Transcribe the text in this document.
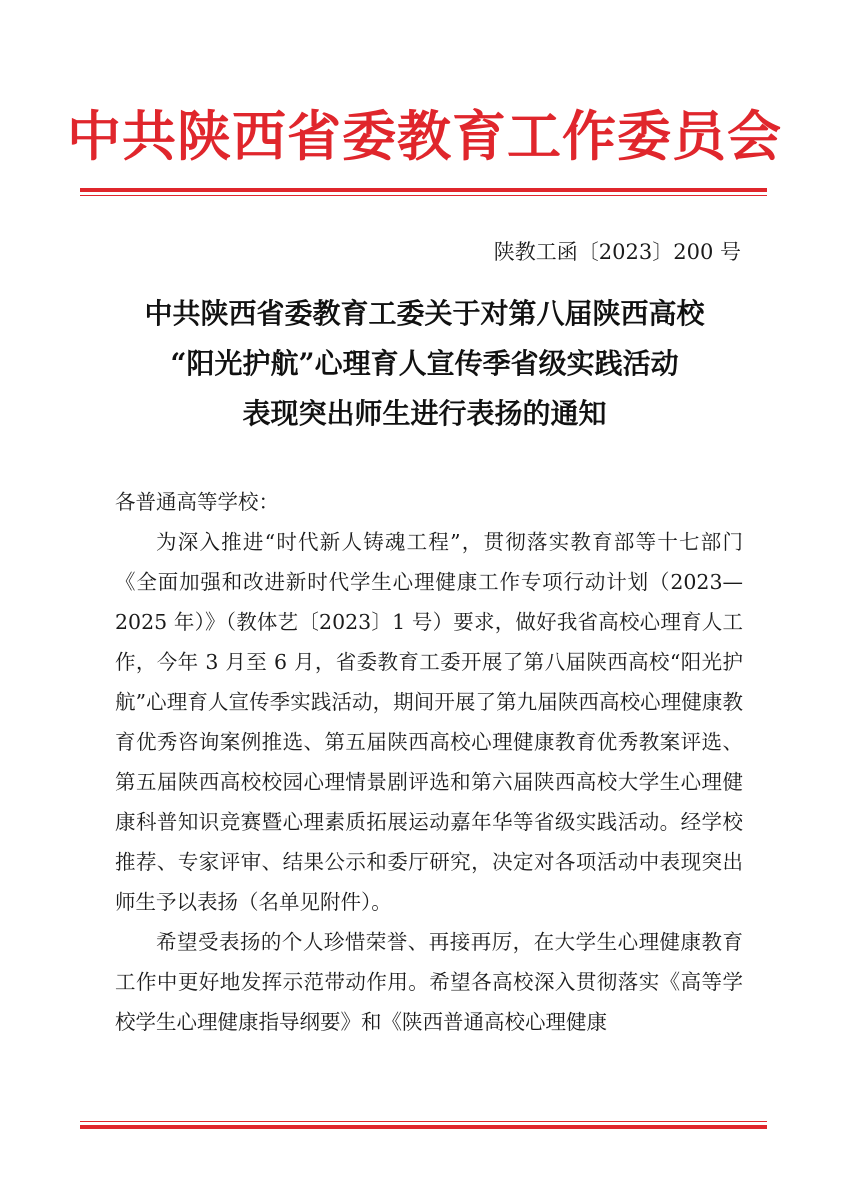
中共陕西省委教育工作委员会
陕教工函〔2023〕200 号
中共陕西省委教育工委关于对第八届陕西高校
“阳光护航”心理育人宣传季省级实践活动
表现突出师生进行表扬的通知

各普通高等学校：

为深入推进“时代新人铸魂工程”，贯彻落实教育部等十七部门《全面加强和改进新时代学生心理健康工作专项行动计划（2023—2025 年）》（教体艺〔2023〕1 号）要求，做好我省高校心理育人工作，今年 3 月至 6 月，省委教育工委开展了第八届陕西高校“阳光护航”心理育人宣传季实践活动，期间开展了第九届陕西高校心理健康教育优秀咨询案例推选、第五届陕西高校心理健康教育优秀教案评选、第五届陕西高校校园心理情景剧评选和第六届陕西高校大学生心理健康科普知识竞赛暨心理素质拓展运动嘉年华等省级实践活动。经学校推荐、专家评审、结果公示和委厅研究，决定对各项活动中表现突出师生予以表扬（名单见附件）。

希望受表扬的个人珍惜荣誉、再接再厉，在大学生心理健康教育工作中更好地发挥示范带动作用。希望各高校深入贯彻落实《高等学校学生心理健康指导纲要》和《陕西普通高校心理健康
